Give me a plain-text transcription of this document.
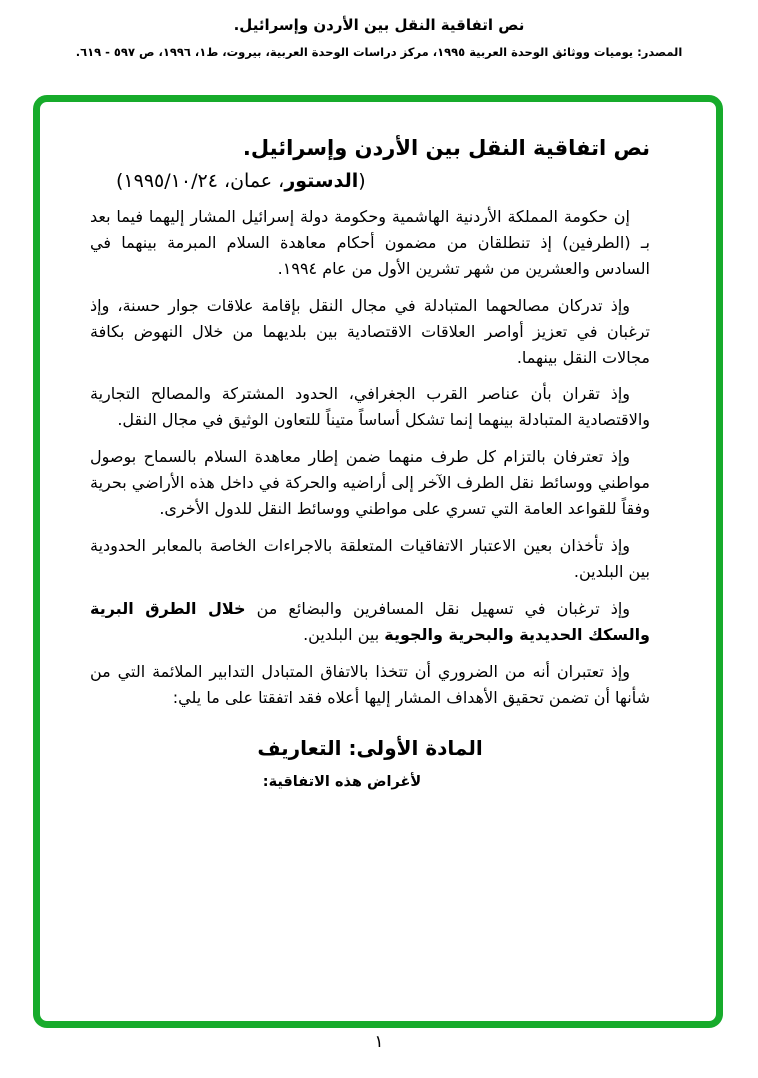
نص اتفاقية النقل بين الأردن وإسرائيل.
المصدر: يوميات ووثائق الوحدة العربية ١٩٩٥، مركز دراسات الوحدة العربية، بيروت، ط١، ١٩٩٦، ص ٥٩٧ - ٦١٩.
نص اتفاقية النقل بين الأردن وإسرائيل.
(الدستور، عمان، ٢٤/‏١٠/‏١٩٩٥)

إن حكومة المملكة الأردنية الهاشمية وحكومة دولة إسرائيل المشار إليهما فيما بعد بـ (الطرفين) إذ تنطلقان من مضمون أحكام معاهدة السلام المبرمة بينهما في السادس والعشرين من شهر تشرين الأول من عام ١٩٩٤.

وإذ تدركان مصالحهما المتبادلة في مجال النقل بإقامة علاقات جوار حسنة، وإذ ترغبان في تعزيز أواصر العلاقات الاقتصادية بين بلديهما من خلال النهوض بكافة مجالات النقل بينهما.

وإذ تقران بأن عناصر القرب الجغرافي، الحدود المشتركة والمصالح التجارية والاقتصادية المتبادلة بينهما إنما تشكل أساساً متيناً للتعاون الوثيق في مجال النقل.

وإذ تعترفان بالتزام كل طرف منهما ضمن إطار معاهدة السلام بالسماح بوصول مواطني ووسائط نقل الطرف الآخر إلى أراضيه والحركة في داخل هذه الأراضي بحرية وفقاً للقواعد العامة التي تسري على مواطني ووسائط النقل للدول الأخرى.

وإذ تأخذان بعين الاعتبار الاتفاقيات المتعلقة بالاجراءات الخاصة بالمعابر الحدودية بين البلدين.

وإذ ترغبان في تسهيل نقل المسافرين والبضائع من خلال الطرق البرية والسكك الحديدية والبحرية والجوية بين البلدين.

وإذ تعتبران أنه من الضروري أن تتخذا بالاتفاق المتبادل التدابير الملائمة التي من شأنها أن تضمن تحقيق الأهداف المشار إليها أعلاه فقد اتفقتا على ما يلي:

المادة الأولى: التعاريف
لأغراض هذه الاتفاقية:
١
